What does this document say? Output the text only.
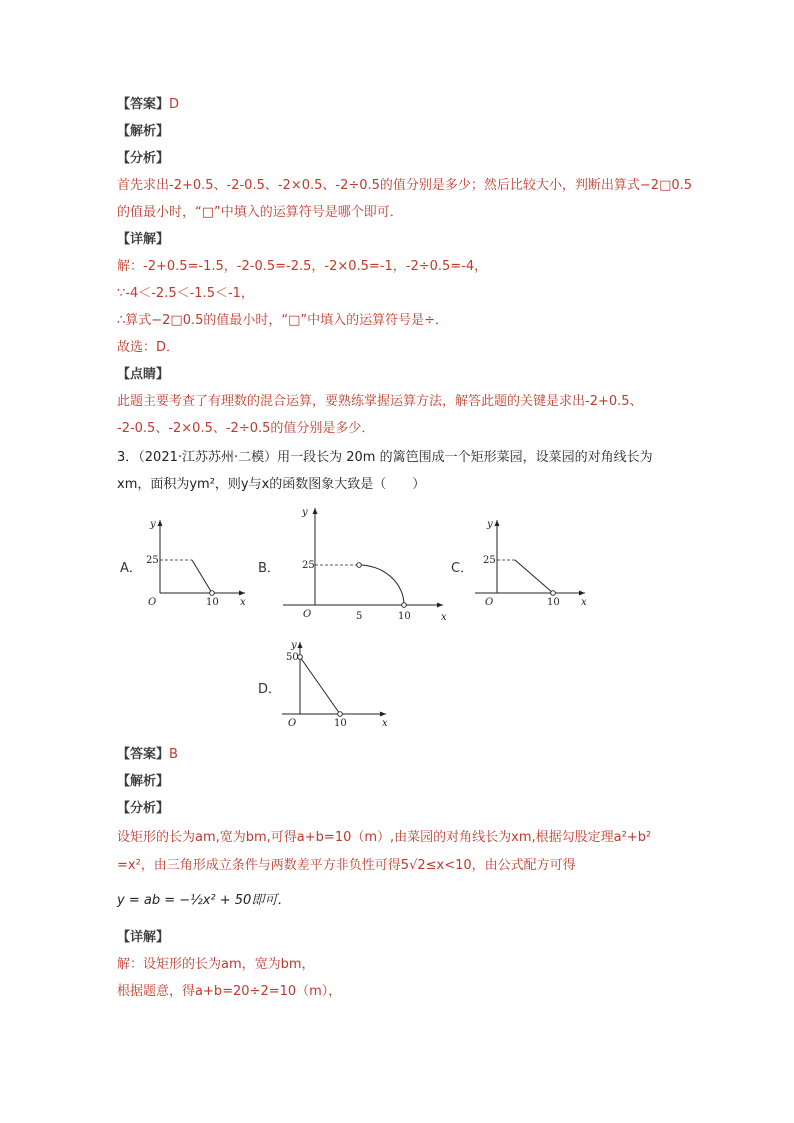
【答案】D
【解析】
【分析】
首先求出-2+0.5、-2-0.5、-2×0.5、-2÷0.5的值分别是多少；然后比较大小，判断出算式−2□0.5
的值最小时，“□”中填入的运算符号是哪个即可．
【详解】
解：-2+0.5=-1.5，-2-0.5=-2.5，-2×0.5=-1，-2÷0.5=-4，
∵-4＜-2.5＜-1.5＜-1，
∴算式−2□0.5的值最小时，“□”中填入的运算符号是÷．
故选：D．
【点睛】
此题主要考查了有理数的混合运算，要熟练掌握运算方法，解答此题的关键是求出-2+0.5、
-2-0.5、-2×0.5、-2÷0.5的值分别是多少．
3．（2021·江苏苏州·二模）用一段长为 20m 的篱笆围成一个矩形菜园，设菜园的对角线长为
xm，面积为ym²，则y与x的函数图象大致是（　　）
A．
25
O	10 x
y
B． 25
O	5	10	x
y
C．
25
O	10 x
y
D．
50
O	10	x
y
【答案】B
【解析】
【分析】
设矩形的长为am,宽为bm,可得a+b=10（m）,由菜园的对角线长为xm,根据勾股定理a²+b²
=x²，由三角形成立条件与两数差平方非负性可得5√2≤x<10，由公式配方可得
y = ab = −½x² + 50即可．
【详解】
解：设矩形的长为am，宽为bm，
根据题意，得a+b=20÷2=10（m），
